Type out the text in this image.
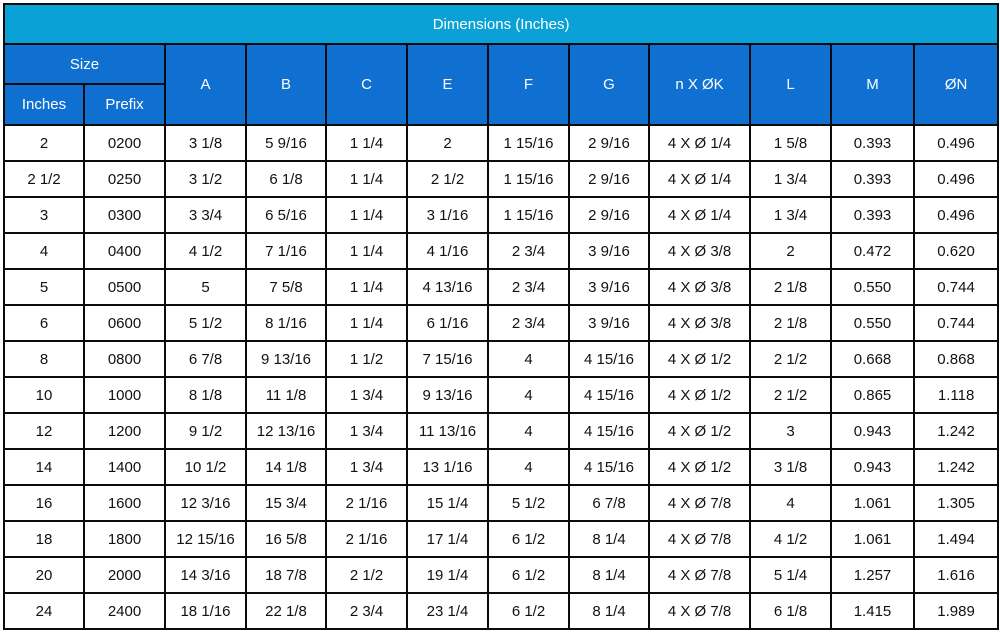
Dimensions (Inches)											
Size		A	B	C	E	F	G	n X ØK	L	M	ØN
Inches	Prefix										
2	0200	3 1/8	5 9/16	1 1/4	2	1 15/16	2 9/16	4 X Ø 1/4	1 5/8	0.393	0.496
2 1/2	0250	3 1/2	6 1/8	1 1/4	2 1/2	1 15/16	2 9/16	4 X Ø 1/4	1 3/4	0.393	0.496
3	0300	3 3/4	6 5/16	1 1/4	3 1/16	1 15/16	2 9/16	4 X Ø 1/4	1 3/4	0.393	0.496
4	0400	4 1/2	7 1/16	1 1/4	4 1/16	2 3/4	3 9/16	4 X Ø 3/8	2	0.472	0.620
5	0500	5	7 5/8	1 1/4	4 13/16	2 3/4	3 9/16	4 X Ø 3/8	2 1/8	0.550	0.744
6	0600	5 1/2	8 1/16	1 1/4	6 1/16	2 3/4	3 9/16	4 X Ø 3/8	2 1/8	0.550	0.744
8	0800	6 7/8	9 13/16	1 1/2	7 15/16	4	4 15/16	4 X Ø 1/2	2 1/2	0.668	0.868
10	1000	8 1/8	11 1/8	1 3/4	9 13/16	4	4 15/16	4 X Ø 1/2	2 1/2	0.865	1.118
12	1200	9 1/2	12 13/16	1 3/4	11 13/16	4	4 15/16	4 X Ø 1/2	3	0.943	1.242
14	1400	10 1/2	14 1/8	1 3/4	13 1/16	4	4 15/16	4 X Ø 1/2	3 1/8	0.943	1.242
16	1600	12 3/16	15 3/4	2 1/16	15 1/4	5 1/2	6 7/8	4 X Ø 7/8	4	1.061	1.305
18	1800	12 15/16	16 5/8	2 1/16	17 1/4	6 1/2	8 1/4	4 X Ø 7/8	4 1/2	1.061	1.494
20	2000	14 3/16	18 7/8	2 1/2	19 1/4	6 1/2	8 1/4	4 X Ø 7/8	5 1/4	1.257	1.616
24	2400	18 1/16	22 1/8	2 3/4	23 1/4	6 1/2	8 1/4	4 X Ø 7/8	6 1/8	1.415	1.989
